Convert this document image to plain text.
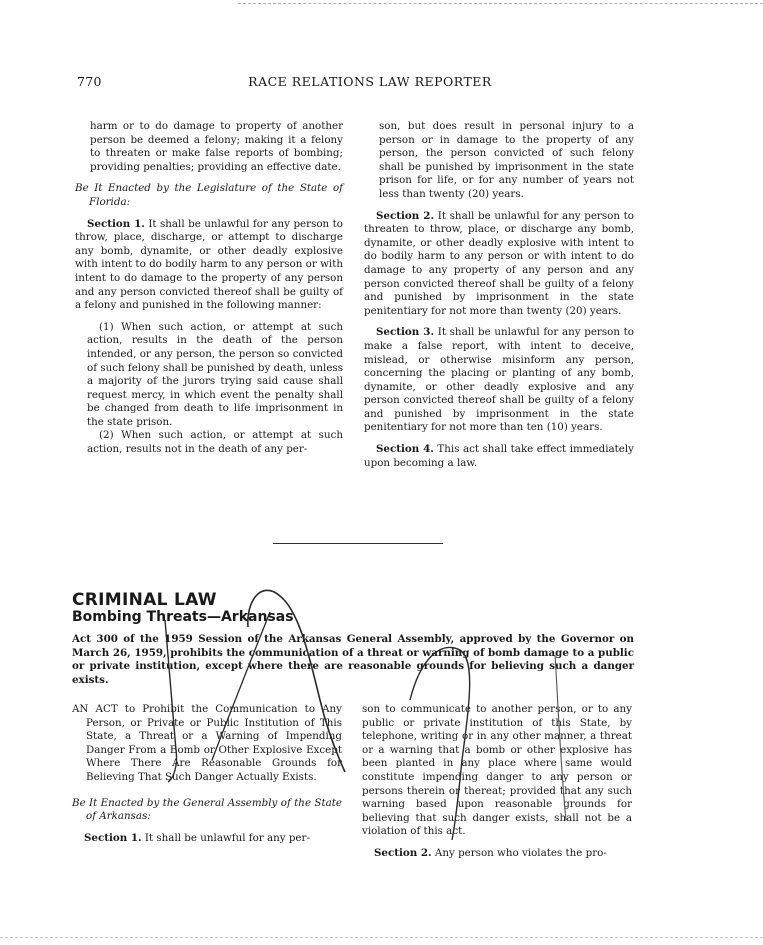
770	RACE RELATIONS LAW REPORTER

harm or to do damage to property of another person be deemed a felony; making it a felony to threaten or make false reports of bombing; providing penalties; providing an effective date.

Be It Enacted by the Legislature of the State of Florida:

Section 1. It shall be unlawful for any person to throw, place, discharge, or attempt to discharge any bomb, dynamite, or other deadly explosive with intent to do bodily harm to any person or with intent to do damage to the property of any person and any person convicted thereof shall be guilty of a felony and punished in the following manner:

(1) When such action, or attempt at such action, results in the death of the person intended, or any person, the person so convicted of such felony shall be punished by death, unless a majority of the jurors trying said cause shall request mercy, in which event the penalty shall be changed from death to life imprisonment in the state prison.

(2) When such action, or attempt at such action, results not in the death of any per-

son, but does result in personal injury to a person or in damage to the property of any person, the person convicted of such felony shall be punished by imprisonment in the state prison for life, or for any number of years not less than twenty (20) years.

Section 2. It shall be unlawful for any person to threaten to throw, place, or discharge any bomb, dynamite, or other deadly explosive with intent to do bodily harm to any person or with intent to do damage to any property of any person and any person convicted thereof shall be guilty of a felony and punished by imprisonment in the state penitentiary for not more than twenty (20) years.

Section 3. It shall be unlawful for any person to make a false report, with intent to deceive, mislead, or otherwise misinform any person, concerning the placing or planting of any bomb, dynamite, or other deadly explosive and any person convicted thereof shall be guilty of a felony and punished by imprisonment in the state penitentiary for not more than ten (10) years.

Section 4. This act shall take effect immediately upon becoming a law.

CRIMINAL LAW
Bombing Threats—Arkansas
Act 300 of the 1959 Session of the Arkansas General Assembly, approved by the Governor on March 26, 1959, prohibits the communication of a threat or warning of bomb damage to a public or private institution, except where there are reasonable grounds for believing such a danger exists.

AN ACT to Prohibit the Communication to Any Person, or Private or Public Institution of This State, a Threat or a Warning of Impending Danger From a Bomb or Other Explosive Except Where There Are Reasonable Grounds for Believing That Such Danger Actually Exists.

Be It Enacted by the General Assembly of the State of Arkansas:

Section 1. It shall be unlawful for any per-

son to communicate to another person, or to any public or private institution of this State, by telephone, writing or in any other manner, a threat or a warning that a bomb or other explosive has been planted in any place where same would constitute impending danger to any person or persons therein or thereat; provided that any such warning based upon reasonable grounds for believing that such danger exists, shall not be a violation of this act.

Section 2. Any person who violates the pro-
